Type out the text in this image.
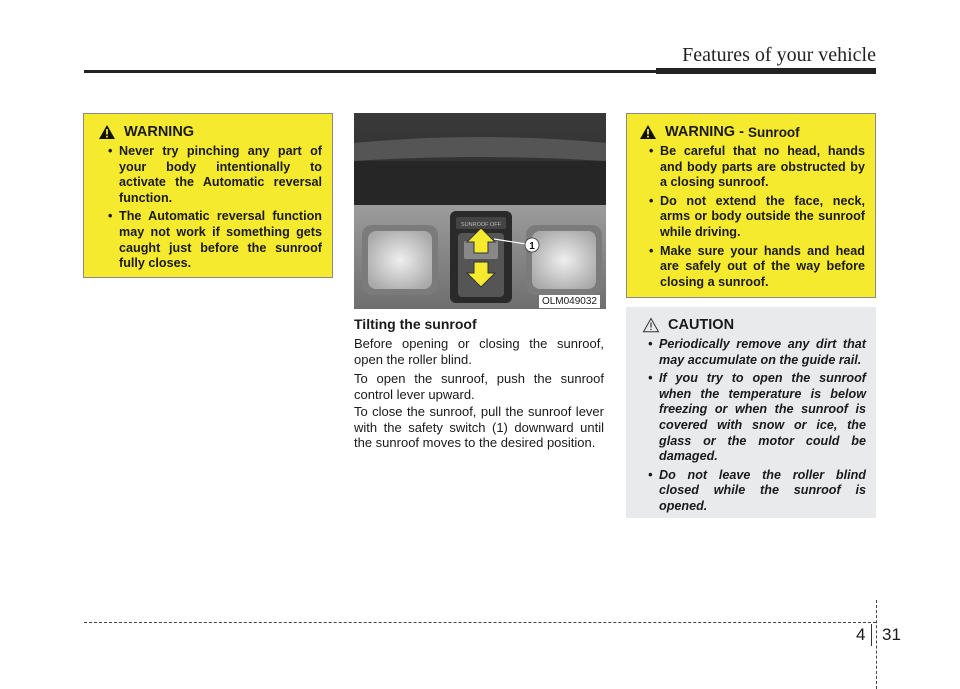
Features of your vehicle
WARNING
• Never try pinching any part of your body intentionally to activate the Automatic reversal function.
• The Automatic reversal function may not work if something gets caught just before the sunroof fully closes.
1
SUNROOF OFF
OLM049032
Tilting the sunroof

Before opening or closing the sunroof, open the roller blind.

To open the sunroof, push the sunroof control lever upward.

To close the sunroof, pull the sunroof lever with the safety switch (1) downward until the sunroof moves to the desired position.

WARNING - Sunroof
• Be careful that no head, hands and body parts are obstructed by a closing sunroof.
• Do not extend the face, neck, arms or body outside the sunroof while driving.
• Make sure your hands and head are safely out of the way before closing a sunroof.
CAUTION
• Periodically remove any dirt that may accumulate on the guide rail.
• If you try to open the sunroof when the temperature is below freezing or when the sunroof is covered with snow or ice, the glass or the motor could be damaged.
• Do not leave the roller blind closed while the sunroof is opened.
4 31
